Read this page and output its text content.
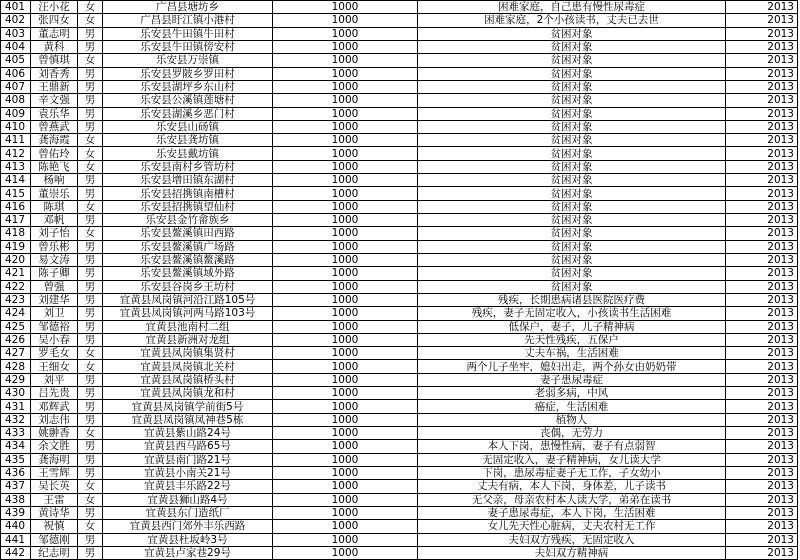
401	汪小花	女	广昌县塘坊乡	1000	困难家庭，自己患有慢性尿毒症	2013
402	张四女	女	广昌县盱江镇小港村	1000	困难家庭，2个小孩读书，丈夫已去世	2013
403	董志明	男	乐安县牛田镇牛田村	1000	贫困对象	2013
404	黄科	男	乐安县牛田镇傍安村	1000	贫困对象	2013
405	曾慎琪	女	乐安县万崇镇	1000	贫困对象	2013
406	刘香秀	男	乐安县罗陂乡罗田村	1000	贫困对象	2013
407	王鼎新	男	乐安县湖坪乡东山村	1000	贫困对象	2013
408	辛文强	男	乐安县公溪镇莲塘村	1000	贫困对象	2013
409	袁乐华	男	乐安县湖溪乡恶门村	1000	贫困对象	2013
410	曾燕武	男	乐安县山砀镇	1000	贫困对象	2013
411	龚海霞	女	乐安县龚坊镇	1000	贫困对象	2013
412	曾佑玲	女	乐安县戴坊镇	1000	贫困对象	2013
413	陈艳飞	女	乐安县南村乡管坊村	1000	贫困对象	2013
414	杨响	男	乐安县增田镇东湖村	1000	贫困对象	2013
415	董崇乐	男	乐安县招携镇南槽村	1000	贫困对象	2013
416	陈琪	女	乐安县招携镇望仙村	1000	贫困对象	2013
417	邓帆	男	乐安县金竹畲族乡	1000	贫困对象	2013
418	刘子怡	女	乐安县鳌溪镇田西路	1000	贫困对象	2013
419	曾乐彬	男	乐安县鳌溪镇广场路	1000	贫困对象	2013
420	易文涛	男	乐安县鳌溪镇鳌溪路	1000	贫困对象	2013
421	陈子卿	男	乐安县鳌溪镇域外路	1000	贫困对象	2013
422	曾强	男	乐安县谷岗乡王坊村	1000	贫困对象	2013
423	刘建华	男	宜黄县凤岗镇河沿江路105号	1000	残疾，长期患病诸县医院医疗费	2013
424	刘卫	男	宜黄县凤岗镇河两马路103号	1000	残疾，妻子无固定收入，小孩读书生活困难	2013
425	邹德裕	男	宜黄县池南村二组	1000	低保户，妻子，儿子精神病	2013
426	吴小春	男	宜黄县新洲对龙组	1000	先天性残疾，五保户	2013
427	罗毛女	女	宜黄县凤岗镇集贤村	1000	丈夫车祸，生活困难	2013
428	王细女	女	宜黄县凤岗镇北关村	1000	两个儿子坐牢，媳妇出走，两个孙女由奶奶带	2013
429	刘平	男	宜黄县凤岗镇桥头村	1000	妻子患尿毒症	2013
430	吕先贵	男	宜黄县凤岗镇龙和村	1000	老弱多病，中风	2013
431	邓辉武	男	宜黄县凤岗镇学前街5号	1000	癌症，生活困难	2013
432	刘志伟	男	宜黄县凤岗镇凤神巷5栋	1000	植物人	2013
433	姚翀香	女	宜黄县紫山路24号	1000	丧偶，无劳力	2013
434	余文胜	男	宜黄县西马路65号	1000	本人下岗，患慢性病，妻子有点弱智	2013
435	龚海明	男	宜黄县南门路21号	1000	无固定收入，妻子精神病，女儿读大学	2013
436	王雪辉	男	宜黄县小南关21号	1000	下岗，患尿毒症妻子无工作，子女幼小	2013
437	吴长英	女	宜黄县丰乐路22号	1000	丈夫有病，本人下岗，身体差，儿子读书	2013
438	王雷	女	宜黄县狮山路4号	1000	无父亲，母亲农村本人读大学，弟弟在读书	2013
439	黄诗华	男	宜黄县东门造纸厂	1000	妻子患尿毒症，本人下岗，生活困难	2013
440	祝慎	女	宜黄县西门郊外丰乐西路	1000	女儿先天性心脏病，丈夫农村无工作	2013
441	邹德刚	男	宜黄县杜坂岭3号	1000	夫妇双方残疾，无固定收入	2013
442	纪志明	男	宜黄县卢家巷29号	1000	夫妇双方精神病	2013
